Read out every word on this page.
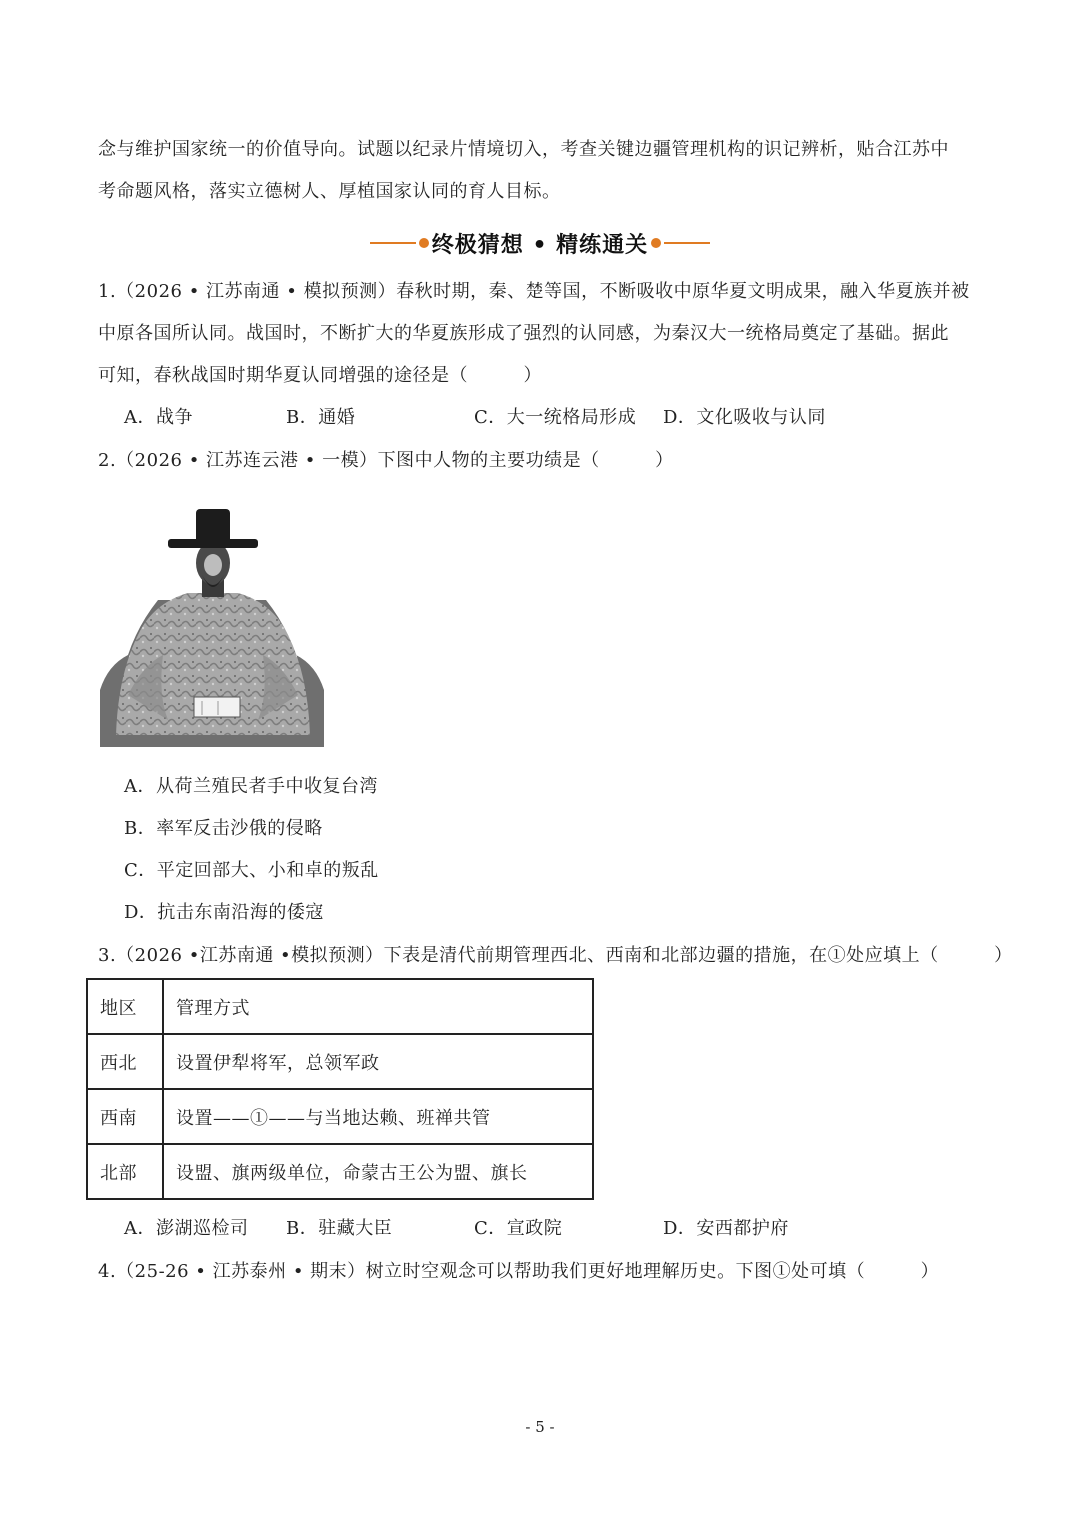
念与维护国家统一的价值导向。试题以纪录片情境切入，考查关键边疆管理机构的识记辨析，贴合江苏中
考命题风格，落实立德树人、厚植国家认同的育人目标。
终极猜想 • 精练通关
1.（2026 • 江苏南通 • 模拟预测）春秋时期，秦、楚等国，不断吸收中原华夏文明成果，融入华夏族并被
中原各国所认同。战国时，不断扩大的华夏族形成了强烈的认同感，为秦汉大一统格局奠定了基础。据此
可知，春秋战国时期华夏认同增强的途径是（　　　）
A．战争	B．通婚	C．大一统格局形成 D．文化吸收与认同
2.（2026 • 江苏连云港 • 一模）下图中人物的主要功绩是（　　　）
A．从荷兰殖民者手中收复台湾
B．率军反击沙俄的侵略
C．平定回部大、小和卓的叛乱
D．抗击东南沿海的倭寇
3.（2026 •江苏南通 •模拟预测）下表是清代前期管理西北、西南和北部边疆的措施，在①处应填上（　　　）
地区	管理方式
西北	设置伊犁将军，总领军政
西南	设置——①——与当地达赖、班禅共管
北部	设盟、旗两级单位，命蒙古王公为盟、旗长
A．澎湖巡检司 B．驻藏大臣	C．宣政院	D．安西都护府
4.（25-26 • 江苏泰州 • 期末）树立时空观念可以帮助我们更好地理解历史。下图①处可填（　　　）
- 5 -
